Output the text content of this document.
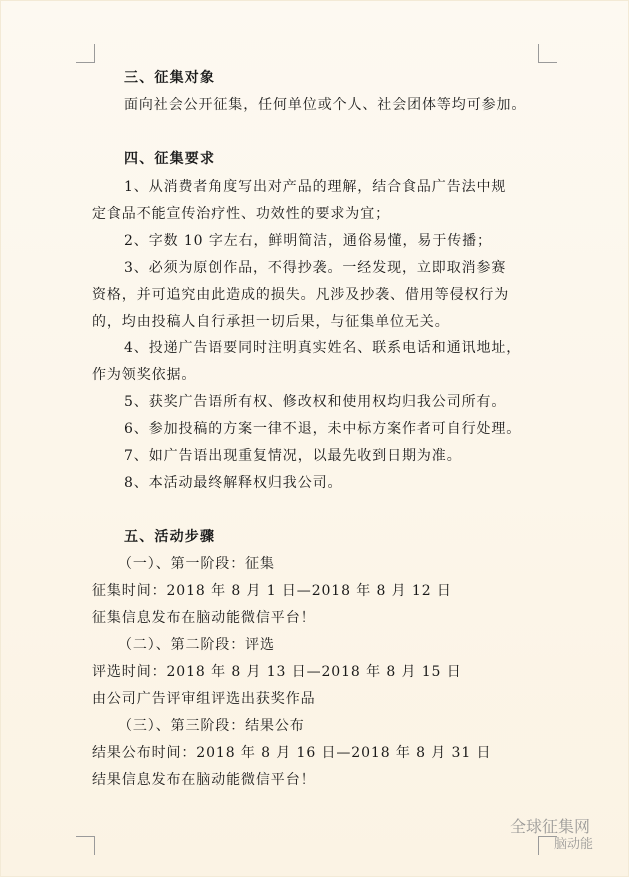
三、征集对象
面向社会公开征集，任何单位或个人、社会团体等均可参加。
四、征集要求
1、从消费者角度写出对产品的理解，结合食品广告法中规
定食品不能宣传治疗性、功效性的要求为宜；
2、字数 10 字左右，鲜明简洁，通俗易懂，易于传播；
3、必须为原创作品，不得抄袭。一经发现，立即取消参赛
资格，并可追究由此造成的损失。凡涉及抄袭、借用等侵权行为
的，均由投稿人自行承担一切后果，与征集单位无关。
4、投递广告语要同时注明真实姓名、联系电话和通讯地址，
作为领奖依据。
5、获奖广告语所有权、修改权和使用权均归我公司所有。
6、参加投稿的方案一律不退，未中标方案作者可自行处理。
7、如广告语出现重复情况，以最先收到日期为准。
8、本活动最终解释权归我公司。
五、活动步骤
（一）、第一阶段：征集
征集时间：2018 年 8 月 1 日—2018 年 8 月 12 日
征集信息发布在脑动能微信平台！
（二）、第二阶段：评选
评选时间：2018 年 8 月 13 日—2018 年 8 月 15 日
由公司广告评审组评选出获奖作品
（三）、第三阶段：结果公布
结果公布时间：2018 年 8 月 16 日—2018 年 8 月 31 日
结果信息发布在脑动能微信平台！
全球征集网
脑动能
